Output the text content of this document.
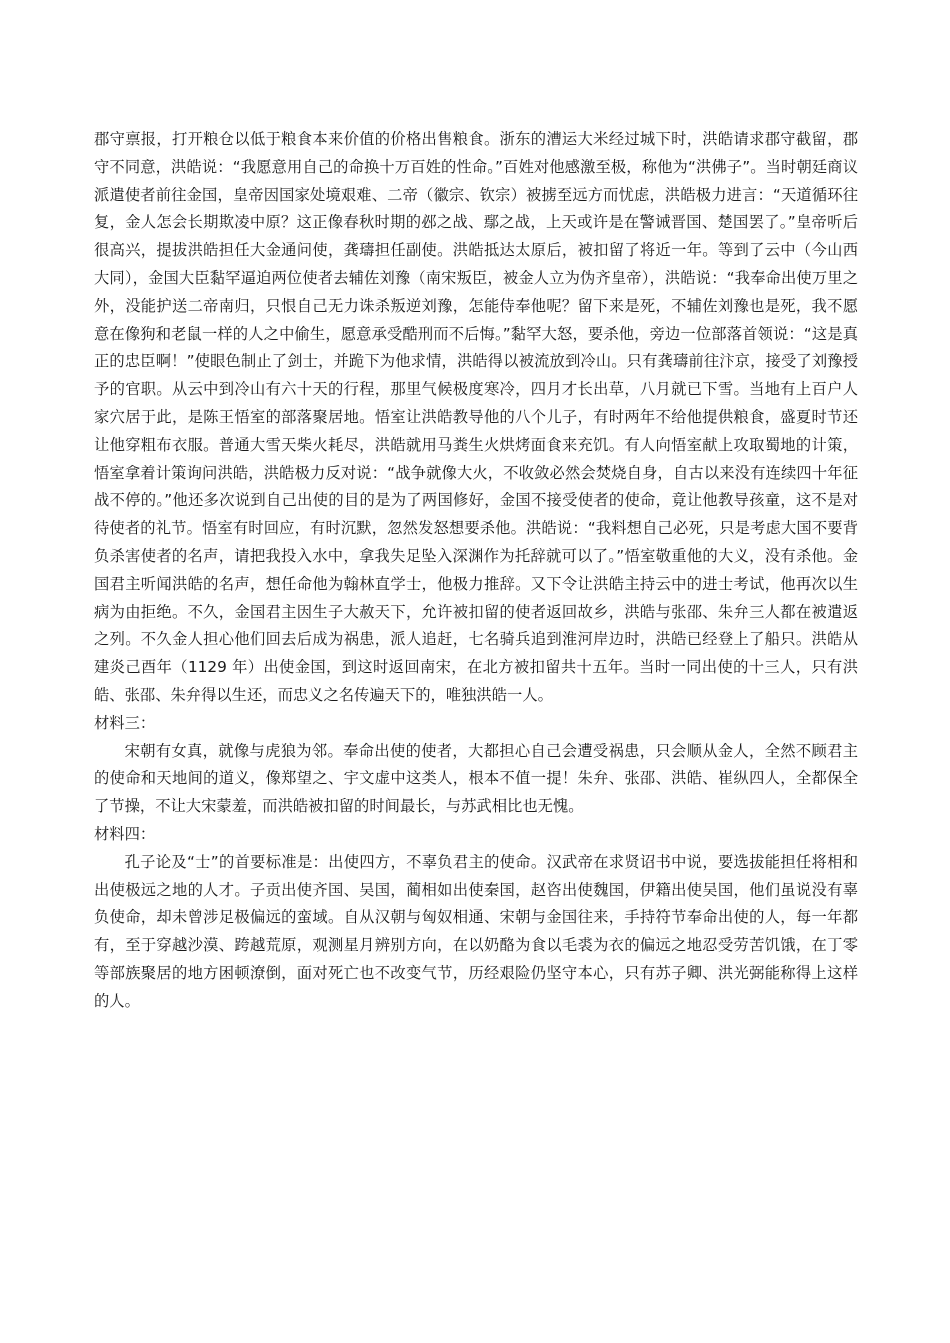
郡守禀报，打开粮仓以低于粮食本来价值的价格出售粮食。浙东的漕运大米经过城下时，洪皓请求郡守截留，郡守不同意，洪皓说：“我愿意用自己的命换十万百姓的性命。”百姓对他感激至极，称他为“洪佛子”。当时朝廷商议派遣使者前往金国，皇帝因国家处境艰难、二帝（徽宗、钦宗）被掳至远方而忧虑，洪皓极力进言：“天道循环往复，金人怎会长期欺凌中原？这正像春秋时期的邲之战、鄢之战，上天或许是在警诫晋国、楚国罢了。”皇帝听后很高兴，提拔洪皓担任大金通问使，龚璹担任副使。洪皓抵达太原后，被扣留了将近一年。等到了云中（今山西大同），金国大臣黏罕逼迫两位使者去辅佐刘豫（南宋叛臣，被金人立为伪齐皇帝），洪皓说：“我奉命出使万里之外，没能护送二帝南归，只恨自己无力诛杀叛逆刘豫，怎能侍奉他呢？留下来是死，不辅佐刘豫也是死，我不愿意在像狗和老鼠一样的人之中偷生，愿意承受酷刑而不后悔。”黏罕大怒，要杀他，旁边一位部落首领说：“这是真正的忠臣啊！”使眼色制止了剑士，并跪下为他求情，洪皓得以被流放到冷山。只有龚璹前往汴京，接受了刘豫授予的官职。从云中到冷山有六十天的行程，那里气候极度寒冷，四月才长出草，八月就已下雪。当地有上百户人家穴居于此，是陈王悟室的部落聚居地。悟室让洪皓教导他的八个儿子，有时两年不给他提供粮食，盛夏时节还让他穿粗布衣服。普通大雪天柴火耗尽，洪皓就用马粪生火烘烤面食来充饥。有人向悟室献上攻取蜀地的计策，悟室拿着计策询问洪皓，洪皓极力反对说：“战争就像大火，不收敛必然会焚烧自身，自古以来没有连续四十年征战不停的。”他还多次说到自己出使的目的是为了两国修好，金国不接受使者的使命，竟让他教导孩童，这不是对待使者的礼节。悟室有时回应，有时沉默，忽然发怒想要杀他。洪皓说：“我料想自己必死，只是考虑大国不要背负杀害使者的名声，请把我投入水中，拿我失足坠入深渊作为托辞就可以了。”悟室敬重他的大义，没有杀他。金国君主听闻洪皓的名声，想任命他为翰林直学士，他极力推辞。又下令让洪皓主持云中的进士考试，他再次以生病为由拒绝。不久，金国君主因生子大赦天下，允许被扣留的使者返回故乡，洪皓与张邵、朱弁三人都在被遣返之列。不久金人担心他们回去后成为祸患，派人追赶，七名骑兵追到淮河岸边时，洪皓已经登上了船只。洪皓从建炎己酉年（1129 年）出使金国，到这时返回南宋，在北方被扣留共十五年。当时一同出使的十三人，只有洪皓、张邵、朱弁得以生还，而忠义之名传遍天下的，唯独洪皓一人。

材料三：

宋朝有女真，就像与虎狼为邻。奉命出使的使者，大都担心自己会遭受祸患，只会顺从金人，全然不顾君主的使命和天地间的道义，像郑望之、宇文虚中这类人，根本不值一提！朱弁、张邵、洪皓、崔纵四人，全都保全了节操，不让大宋蒙羞，而洪皓被扣留的时间最长，与苏武相比也无愧。

材料四：

孔子论及“士”的首要标准是：出使四方，不辜负君主的使命。汉武帝在求贤诏书中说，要选拔能担任将相和出使极远之地的人才。子贡出使齐国、吴国，蔺相如出使秦国，赵咨出使魏国，伊籍出使吴国，他们虽说没有辜负使命，却未曾涉足极偏远的蛮域。自从汉朝与匈奴相通、宋朝与金国往来，手持符节奉命出使的人，每一年都有，至于穿越沙漠、跨越荒原，观测星月辨别方向，在以奶酪为食以毛裘为衣的偏远之地忍受劳苦饥饿，在丁零等部族聚居的地方困顿潦倒，面对死亡也不改变气节，历经艰险仍坚守本心，只有苏子卿、洪光弼能称得上这样的人。
